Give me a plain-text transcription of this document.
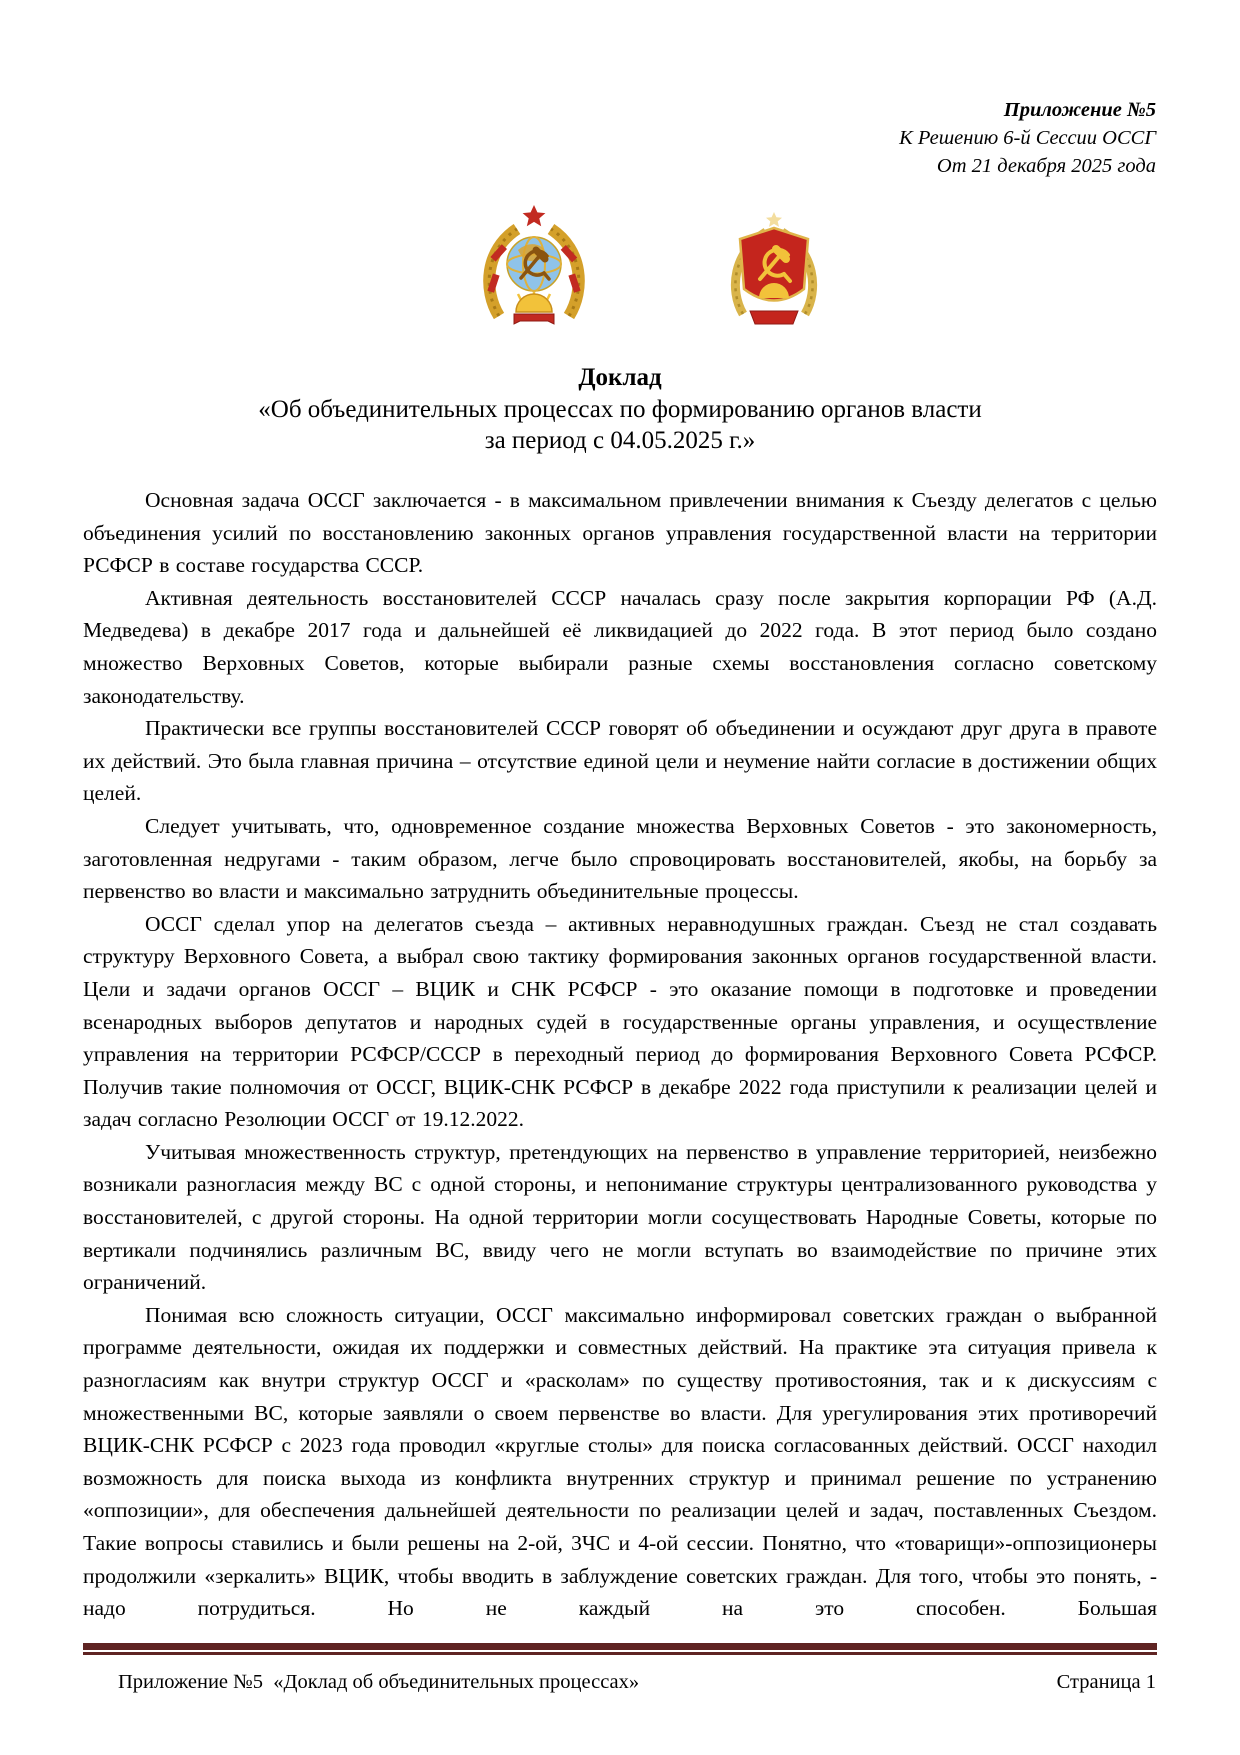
Приложение №5
К Решению 6-й Сессии ОССГ
От 21 декабря 2025 года
Доклад
«Об объединительных процессах по формированию органов власти
за период с 04.05.2025 г.»

Основная задача ОССГ заключается - в максимальном привлечении внимания к Съезду делегатов с целью объединения усилий по восстановлению законных органов управления государственной власти на территории РСФСР в составе государства СССР.

Активная деятельность восстановителей СССР началась сразу после закрытия корпорации РФ (А.Д. Медведева) в декабре 2017 года и дальнейшей её ликвидацией до 2022 года. В этот период было создано множество Верховных Советов, которые выбирали разные схемы восстановления согласно советскому законодательству.

Практически все группы восстановителей СССР говорят об объединении и осуждают друг друга в правоте их действий. Это была главная причина – отсутствие единой цели и неумение найти согласие в достижении общих целей.

Следует учитывать, что, одновременное создание множества Верховных Советов - это закономерность, заготовленная недругами - таким образом, легче было спровоцировать восстановителей, якобы, на борьбу за первенство во власти и максимально затруднить объединительные процессы.

ОССГ сделал упор на делегатов съезда – активных неравнодушных граждан. Съезд не стал создавать структуру Верховного Совета, а выбрал свою тактику формирования законных органов государственной власти. Цели и задачи органов ОССГ – ВЦИК и СНК РСФСР - это оказание помощи в подготовке и проведении всенародных выборов депутатов и народных судей в государственные органы управления, и осуществление управления на территории РСФСР/СССР в переходный период до формирования Верховного Совета РСФСР. Получив такие полномочия от ОССГ, ВЦИК-СНК РСФСР в декабре 2022 года приступили к реализации целей и задач согласно Резолюции ОССГ от 19.12.2022.

Учитывая множественность структур, претендующих на первенство в управление территорией, неизбежно возникали разногласия между ВС с одной стороны, и непонимание структуры централизованного руководства у восстановителей, с другой стороны. На одной территории могли сосуществовать Народные Советы, которые по вертикали подчинялись различным ВС, ввиду чего не могли вступать во взаимодействие по причине этих ограничений.

Понимая всю сложность ситуации, ОССГ максимально информировал советских граждан о выбранной программе деятельности, ожидая их поддержки и совместных действий. На практике эта ситуация привела к разногласиям как внутри структур ОССГ и «расколам» по существу противостояния, так и к дискуссиям с множественными ВС, которые заявляли о своем первенстве во власти. Для урегулирования этих противоречий ВЦИК-СНК РСФСР с 2023 года проводил «круглые столы» для поиска согласованных действий. ОССГ находил возможность для поиска выхода из конфликта внутренних структур и принимал решение по устранению «оппозиции», для обеспечения дальнейшей деятельности по реализации целей и задач, поставленных Съездом. Такие вопросы ставились и были решены на 2-ой, 3ЧС и 4-ой сессии. Понятно, что «товарищи»-оппозиционеры продолжили «зеркалить» ВЦИК, чтобы вводить в заблуждение советских граждан. Для того, чтобы это понять, - надо потрудиться. Но не каждый на это способен. Большая

Приложение №5  «Доклад об объединительных процессах»	Страница 1
